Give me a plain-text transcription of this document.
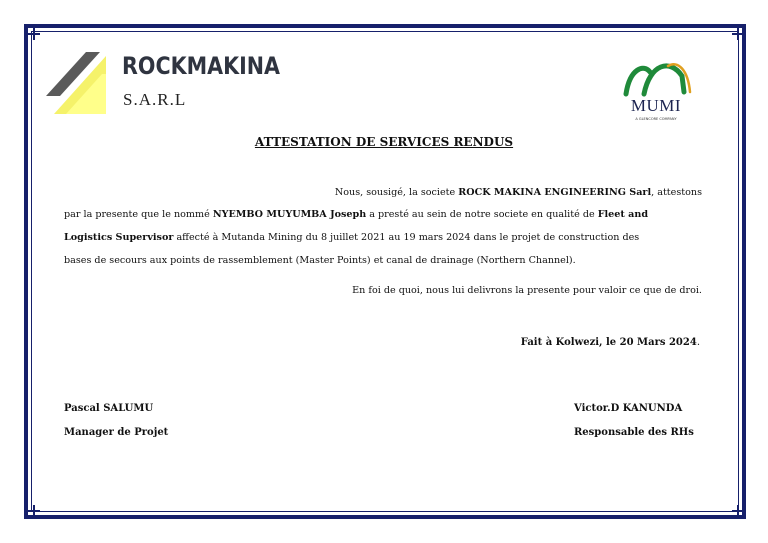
ROCKMAKINA
S.A.R.L	MUMI
A GLENCORE COMPANY
ATTESTATION DE SERVICES RENDUS
Nous, sousigé, la societe ROCK MAKINA ENGINEERING Sarl, attestons
par la presente que le nommé NYEMBO MUYUMBA Joseph a presté au sein de notre societe en qualité de Fleet and
Logistics Supervisor affecté à Mutanda Mining du 8 juillet 2021 au 19 mars 2024 dans le projet de construction des
bases de secours aux points de rassemblement (Master Points) et canal de drainage (Northern Channel).
En foi de quoi, nous lui delivrons la presente pour valoir ce que de droi.
Fait à Kolwezi, le 20 Mars 2024.
Pascal SALUMU
Manager de Projet
Victor.D KANUNDA
Responsable des RHs
